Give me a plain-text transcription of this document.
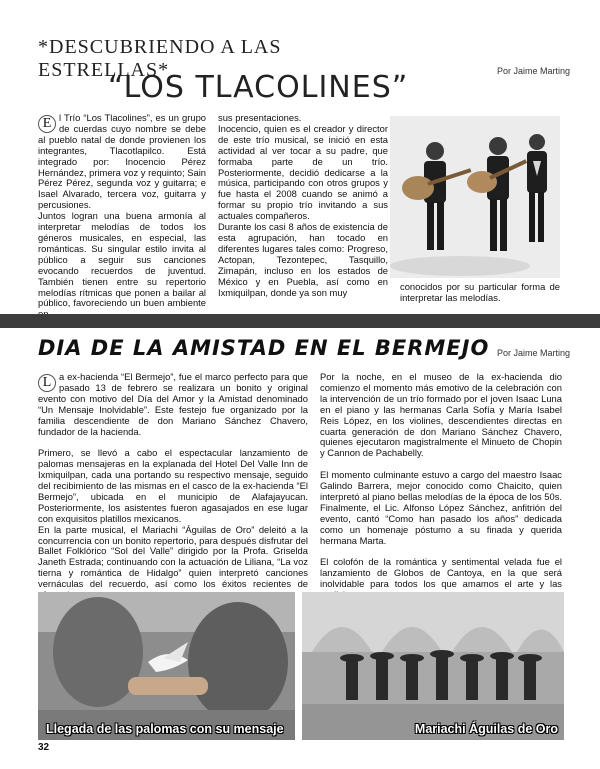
*DESCUBRIENDO A LAS ESTRELLAS*
“LOS TLACOLINES”	Por Jaime Marting
E l Trío “Los Tlacolines”, es un grupo de cuerdas cuyo nombre se debe al pueblo natal de donde provienen los integrantes, Tlacotlapilco. Está integrado por: Inocencio Pérez Hernández, primera voz y requinto; Sain Pérez Pérez, segunda voz y guitarra; e Isael Alvarado, tercera voz, guitarra y percusiones.

Juntos logran una buena armonía al interpretar melodías de todos los géneros musicales, en especial, las románticas. Su singular estilo invita al público a seguir sus canciones evocando recuerdos de juventud. También tienen entre su repertorio melodías rítmicas que ponen a bailar al público, favoreciendo un buen ambiente

sus presentaciones.

Inocencio, quien es el creador y director de este trío musical, se inició en esta actividad al ver tocar a su padre, que formaba parte de un trío. Posteriormente, decidió dedicarse a la música, participando con otros grupos y fue hasta el 2008 cuando se animó a formar su propio trío invitando a sus actuales compañeros.

Durante los casi 8 años de existencia de esta agrupación, han tocado en diferentes lugares tales como: Progreso, Actopan, Tezontepec, Tasquillo, Zimapán, incluso en los estados de México y en Puebla, así como en Ixmiquilpan, donde ya son muy	conocidos por su particular forma de interpretar las melodías.
DIA DE LA AMISTAD EN EL BERMEJO Por Jaime Marting
L a ex-hacienda “El Bermejo”, fue el marco perfecto para que pasado 13 de febrero se realizara un bonito y original evento con motivo del Día del Amor y la Amistad denominado “Un Mensaje Inolvidable”. Este festejo fue organizado por la familia descendiente de don Mariano Sánchez Chavero, fundador de la hacienda.

Primero, se llevó a cabo el espectacular lanzamiento de palomas mensajeras en la explanada del Hotel Del Valle Inn de Ixmiquilpan, cada una portando su respectivo mensaje, seguido del recibimiento de las mismas en el casco de la ex-hacienda “El Bermejo”, ubicada en el municipio de Alafajayucan. Posteriormente, los asistentes fueron agasajados en ese lugar con exquisitos platillos mexicanos.

En la parte musical, el Mariachi “Águilas de Oro” deleitó a la concurrencia con un bonito repertorio, para después disfrutar del Ballet Folklórico “Sol del Valle” dirigido por la Profa. Griselda Janeth Estrada; continuando con la actuación de Liliana, “La voz tierna y romántica de Hidalgo” quien interpretó canciones vernáculas del recuerdo, así como los éxitos recientes de

Por la noche, en el museo de la ex-hacienda dio comienzo el momento más emotivo de la celebración con la intervención de un trío formado por el joven Isaac Luna en el piano y las hermanas Carla Sofía y María Isabel Reis López, en los violines, descendientes directas en cuarta generación de don Mariano Sánchez Chavero, quienes ejecutaron magistralmente el Minueto de Chopin y Cannon de Pachabelly.

El momento culminante estuvo a cargo del maestro Isaac Galindo Barrera, mejor conocido como Chaicito, quien interpretó al piano bellas melodías de la época de los 50s. Finalmente, el Lic. Alfonso López Sánchez, anfitrión del evento, cantó “Como han pasado los años” dedicada como un homenaje póstumo a su finada y querida hermana Marta.

El colofón de la romántica y sentimental velada fue el lanzamiento de Globos de Cantoya, en la que será inolvidable para todos los que amamos el arte y las

Llegada de las palomas con su mensaje	Mariachi Águilas de Oro
32
